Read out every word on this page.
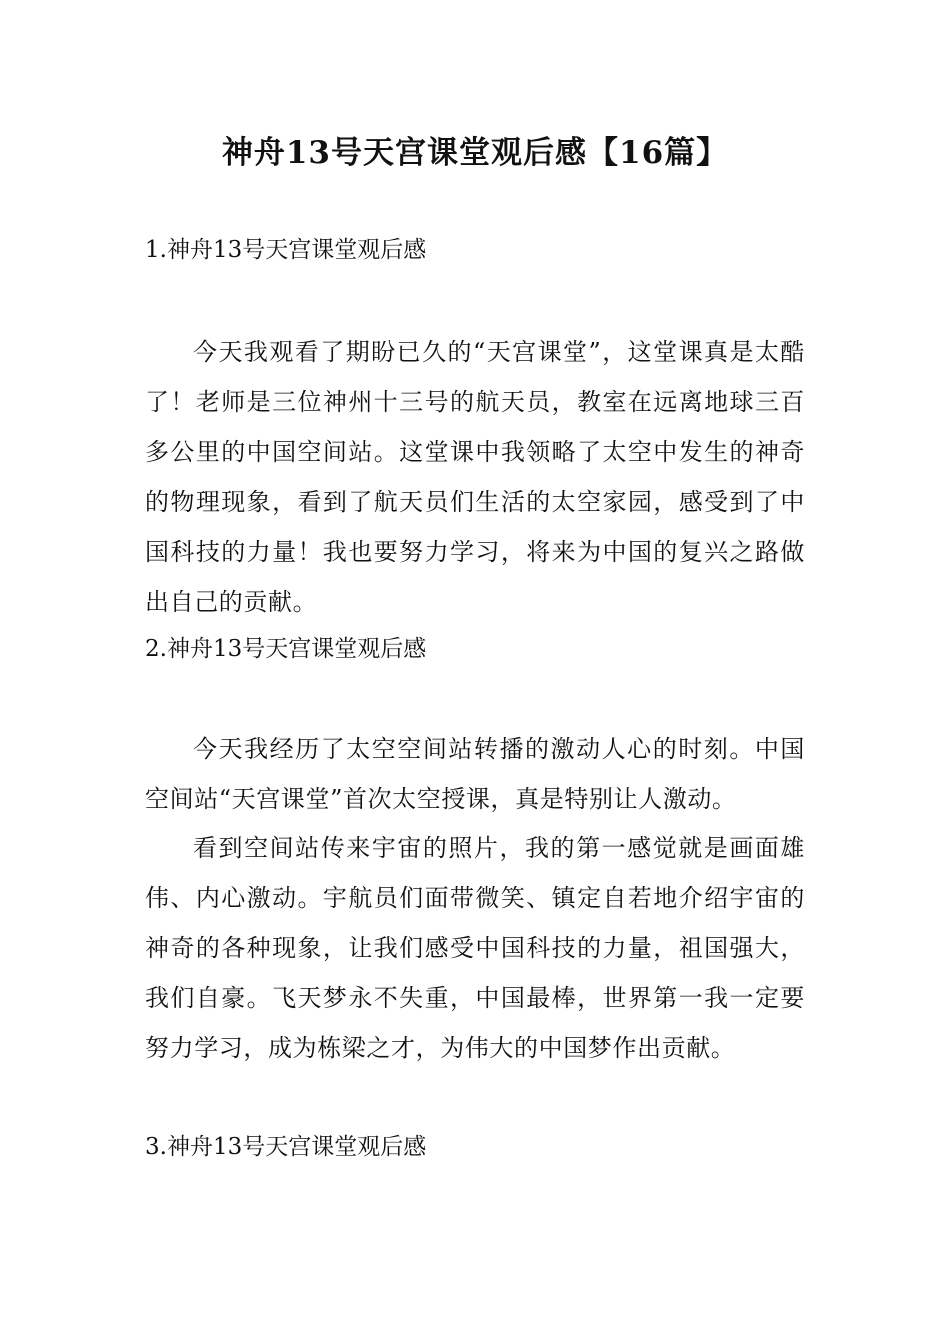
神舟13号天宫课堂观后感【16篇】
1.神舟13号天宫课堂观后感
今天我观看了期盼已久的“天宫课堂”，这堂课真是太酷了！老师是三位神州十三号的航天员，教室在远离地球三百多公里的中国空间站。这堂课中我领略了太空中发生的神奇的物理现象，看到了航天员们生活的太空家园，感受到了中国科技的力量！我也要努力学习，将来为中国的复兴之路做出自己的贡献。
2.神舟13号天宫课堂观后感
今天我经历了太空空间站转播的激动人心的时刻。中国空间站“天宫课堂”首次太空授课，真是特别让人激动。
看到空间站传来宇宙的照片，我的第一感觉就是画面雄伟、内心激动。宇航员们面带微笑、镇定自若地介绍宇宙的神奇的各种现象，让我们感受中国科技的力量，祖国强大，我们自豪。飞天梦永不失重，中国最棒，世界第一我一定要努力学习，成为栋梁之才，为伟大的中国梦作出贡献。
3.神舟13号天宫课堂观后感
